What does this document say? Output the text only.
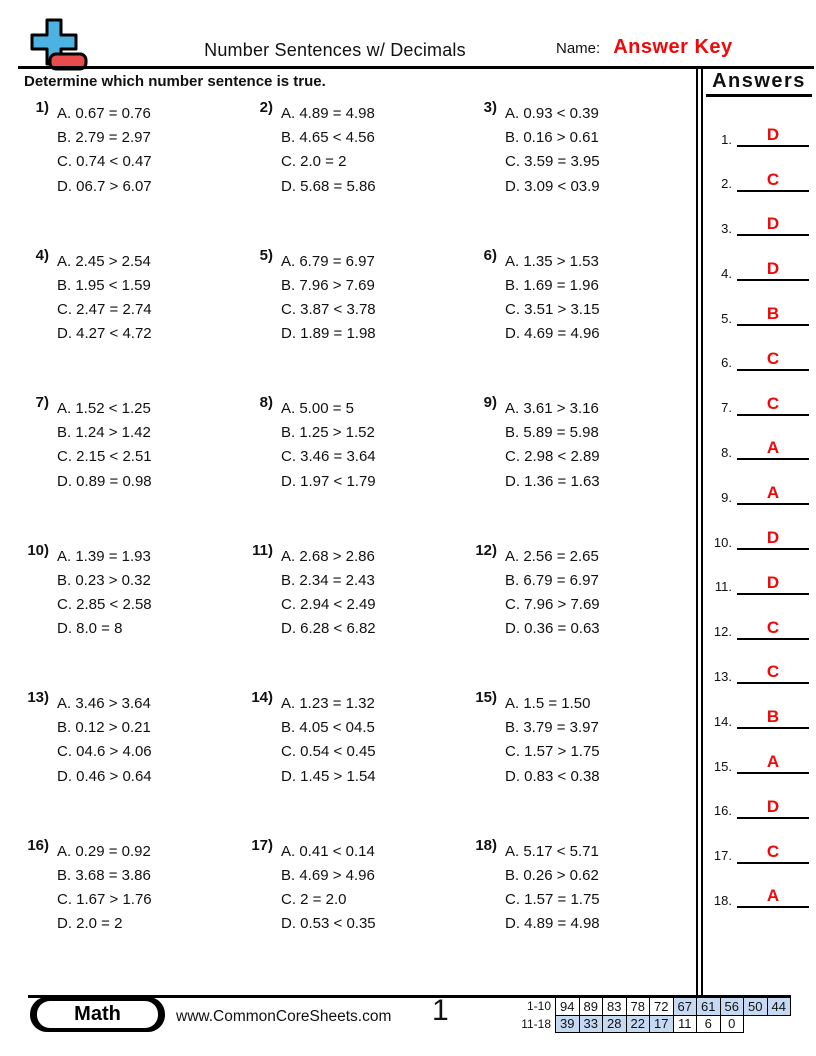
Number Sentences w/ Decimals	Name: Answer Key
Determine which number sentence is true.	Answers
1.	D
2.	C
3.	D
4.	D
5.	B
6.	C
7.	C
8.	A
9.	A
10.	D
11.	D
12.	C
13.	C
14.	B
15.	A
16.	D
17.	C
18.	A
1) A. 0.67 = 0.76
B. 2.79 = 2.97
C. 0.74 < 0.47
D. 06.7 > 6.07
2) A. 4.89 = 4.98
B. 4.65 < 4.56
C. 2.0 = 2
D. 5.68 = 5.86
3) A. 0.93 < 0.39
B. 0.16 > 0.61
C. 3.59 = 3.95
D. 3.09 < 03.9
4) A. 2.45 > 2.54
B. 1.95 < 1.59
C. 2.47 = 2.74
D. 4.27 < 4.72
5) A. 6.79 = 6.97
B. 7.96 > 7.69
C. 3.87 < 3.78
D. 1.89 = 1.98
6) A. 1.35 > 1.53
B. 1.69 = 1.96
C. 3.51 > 3.15
D. 4.69 = 4.96
7) A. 1.52 < 1.25
B. 1.24 > 1.42
C. 2.15 < 2.51
D. 0.89 = 0.98
8) A. 5.00 = 5
B. 1.25 > 1.52
C. 3.46 = 3.64
D. 1.97 < 1.79
9) A. 3.61 > 3.16
B. 5.89 = 5.98
C. 2.98 < 2.89
D. 1.36 = 1.63
10) A. 1.39 = 1.93
B. 0.23 > 0.32
C. 2.85 < 2.58
D. 8.0 = 8
11) A. 2.68 > 2.86
B. 2.34 = 2.43
C. 2.94 < 2.49
D. 6.28 < 6.82
12) A. 2.56 = 2.65
B. 6.79 = 6.97
C. 7.96 > 7.69
D. 0.36 = 0.63
13) A. 3.46 > 3.64
B. 0.12 > 0.21
C. 04.6 > 4.06
D. 0.46 > 0.64
14) A. 1.23 = 1.32
B. 4.05 < 04.5
C. 0.54 < 0.45
D. 1.45 > 1.54
15) A. 1.5 = 1.50
B. 3.79 = 3.97
C. 1.57 > 1.75
D. 0.83 < 0.38
16) A. 0.29 = 0.92
B. 3.68 = 3.86
C. 1.67 > 1.76
D. 2.0 = 2
17) A. 0.41 < 0.14
B. 4.69 > 4.96
C. 2 = 2.0
D. 0.53 < 0.35
18) A. 5.17 < 5.71
B. 0.26 > 0.62
C. 1.57 = 1.75
D. 4.89 = 4.98
Math	www.CommonCoreSheets.com 1	1-10	94	89	83	78	72	67	61	56	50	44
11-18	39	33	28	22	17	11	6	0		
